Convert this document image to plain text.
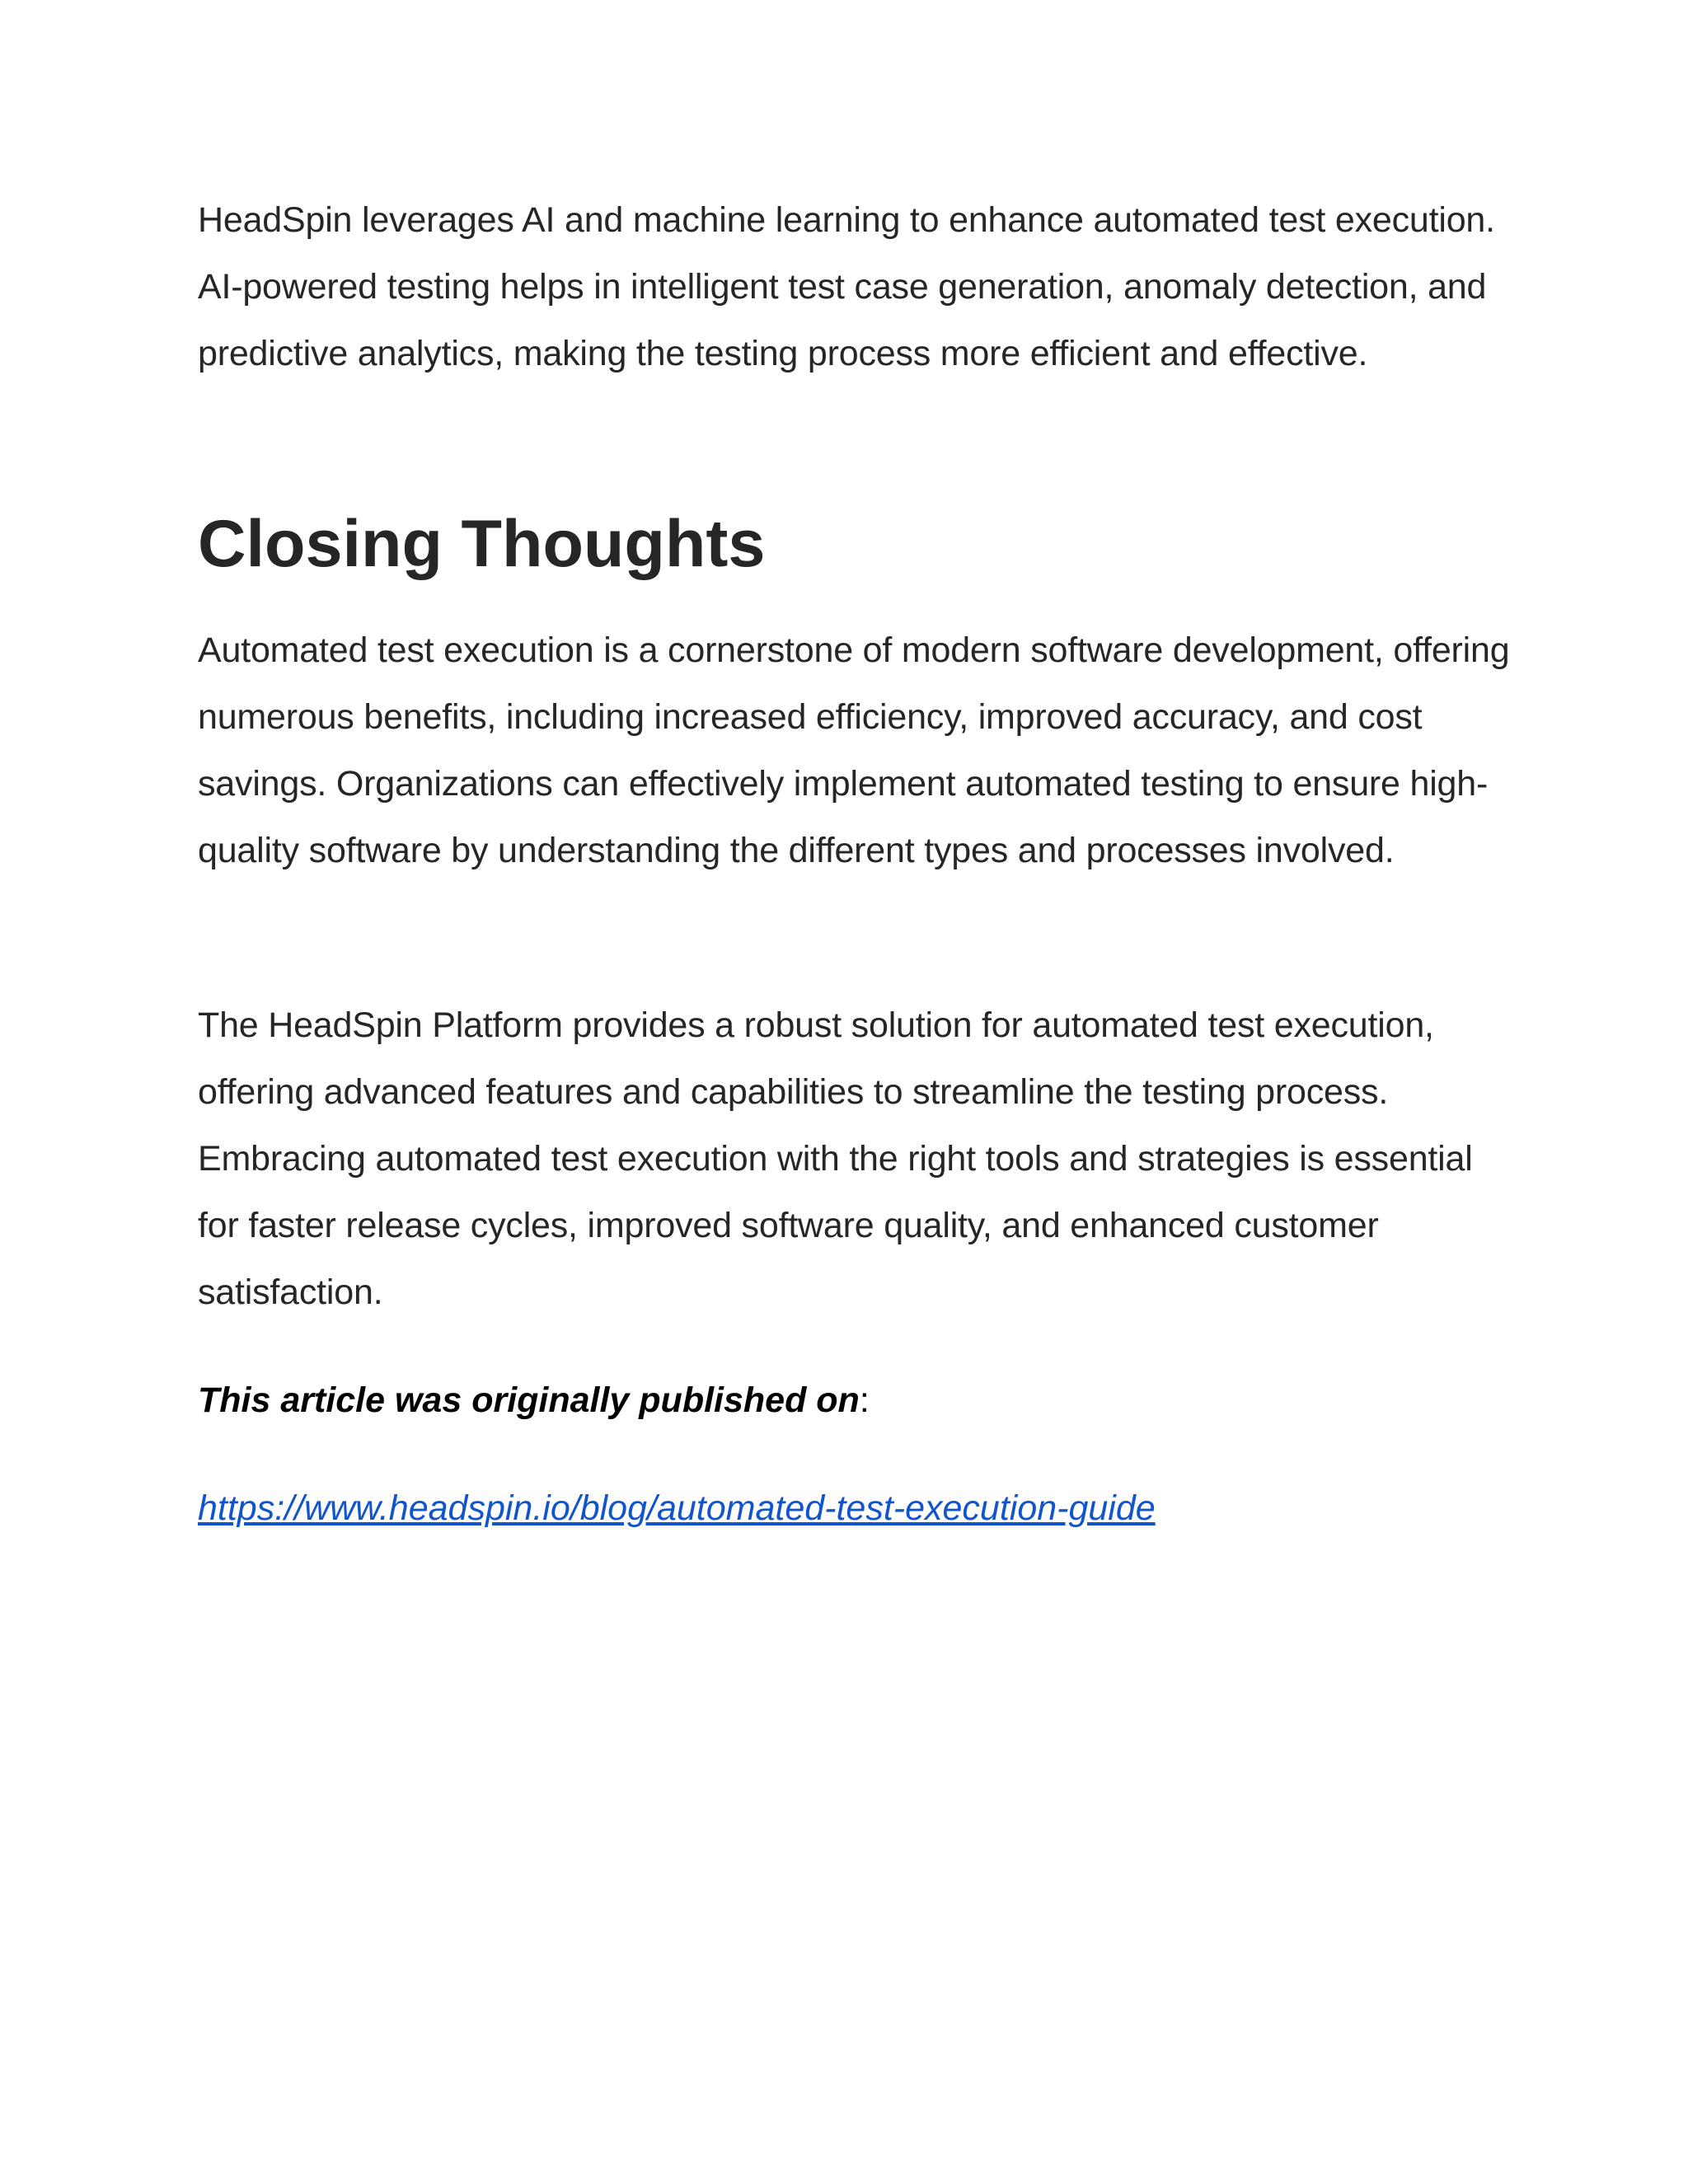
HeadSpin leverages AI and machine learning to enhance automated test execution. AI-powered testing helps in intelligent test case generation, anomaly detection, and predictive analytics, making the testing process more efficient and effective.

Closing Thoughts

Automated test execution is a cornerstone of modern software development, offering numerous benefits, including increased efficiency, improved accuracy, and cost savings. Organizations can effectively implement automated testing to ensure high-quality software by understanding the different types and processes involved.

The HeadSpin Platform provides a robust solution for automated test execution, offering advanced features and capabilities to streamline the testing process. Embracing automated test execution with the right tools and strategies is essential for faster release cycles, improved software quality, and enhanced customer satisfaction.

This article was originally published on:

https://www.headspin.io/blog/automated-test-execution-guide
